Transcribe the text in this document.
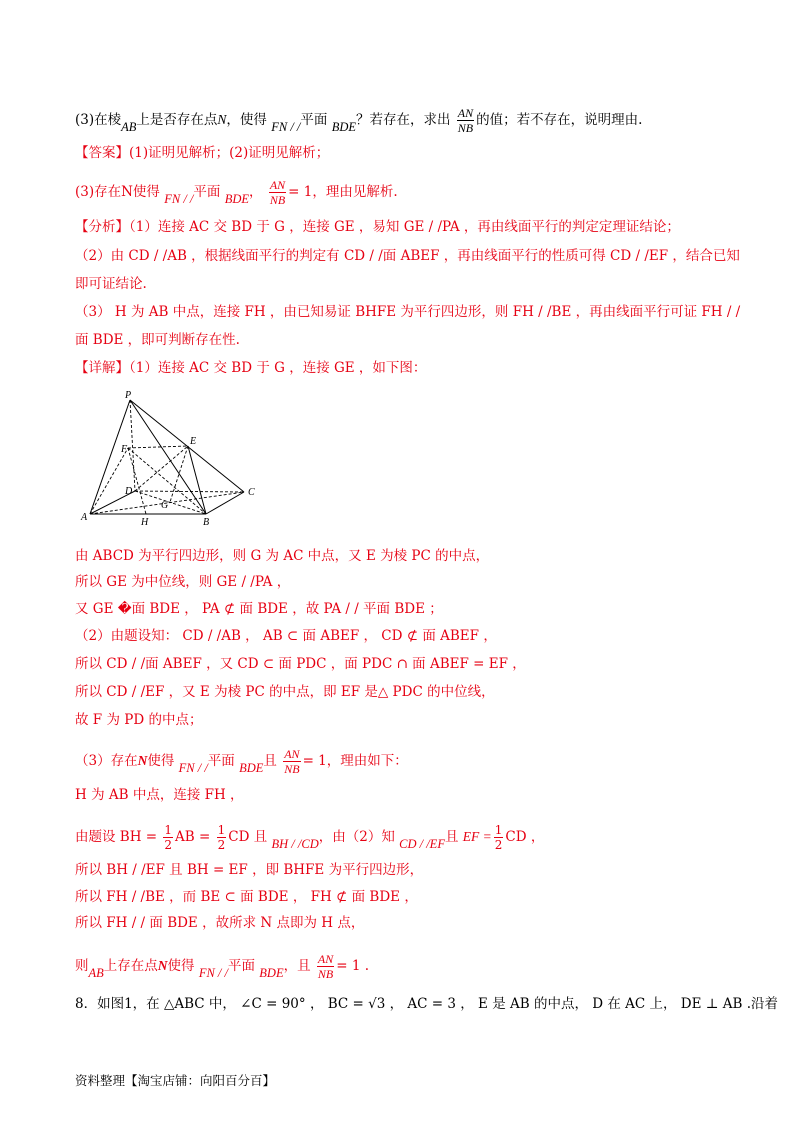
(3)在棱AB上是否存在点N，使得 FN / /平面 BDE？若存在，求出 $\frac{AN}{NB}$ 的值；若不存在，说明理由.
【答案】(1)证明见解析；(2)证明见解析；
(3)存在N使得 FN / /平面 BDE， $\frac{AN}{NB} = 1$，理由见解析.
【分析】（1）连接 AC 交 BD 于 G ，连接 GE ，易知 GE / /PA ，再由线面平行的判定定理证结论；
（2）由 CD / /AB ，根据线面平行的判定有 CD / /面 ABEF ，再由线面平行的性质可得 CD / /EF ，结合已知
即可证结论.
（3） H 为 AB 中点，连接 FH ，由已知易证 BHFE 为平行四边形，则 FH / /BE ，再由线面平行可证 FH / /
面 BDE ，即可判断存在性.
【详解】（1）连接 AC 交 BD 于 G ，连接 GE ，如下图：
P
E
F
D
G
C
A	H	B
由 ABCD 为平行四边形，则 G 为 AC 中点，又 E 为棱 PC 的中点，
所以 GE 为中位线，则 GE / /PA ，
又 GE �面 BDE ， PA ⊄ 面 BDE ，故 PA / / 平面 BDE ；
（2）由题设知： CD / /AB ， AB ⊂ 面 ABEF ， CD ⊄ 面 ABEF ，
所以 CD / /面 ABEF ，又 CD ⊂ 面 PDC ，面 PDC ∩ 面 ABEF = EF ，
所以 CD / /EF ，又 E 为棱 PC 的中点，即 EF 是△ PDC 的中位线，
故 F 为 PD 的中点；
（3）存在N使得 FN / /平面 BDE且 $\frac{AN}{NB} = 1$，理由如下：
H 为 AB 中点，连接 FH ，
由题设 BH = $\frac{1}{2}$ AB = $\frac{1}{2}$ CD 且 BH / /CD，由（2）知 CD / /EF且 EF = $\frac{1}{2}$ CD ，
所以 BH / /EF 且 BH = EF ，即 BHFE 为平行四边形，
所以 FH / /BE ，而 BE ⊂ 面 BDE ， FH ⊄ 面 BDE ，
所以 FH / / 面 BDE ，故所求 N 点即为 H 点，
则AB上存在点N使得 FN / /平面 BDE，且 $\frac{AN}{NB} = 1$ .
8．如图1，在 △ABC 中， ∠C = 90° ， BC = √3 ， AC = 3 ， E 是 AB 的中点， D 在 AC 上， DE ⊥ AB .沿着
资料整理【淘宝店铺：向阳百分百】
